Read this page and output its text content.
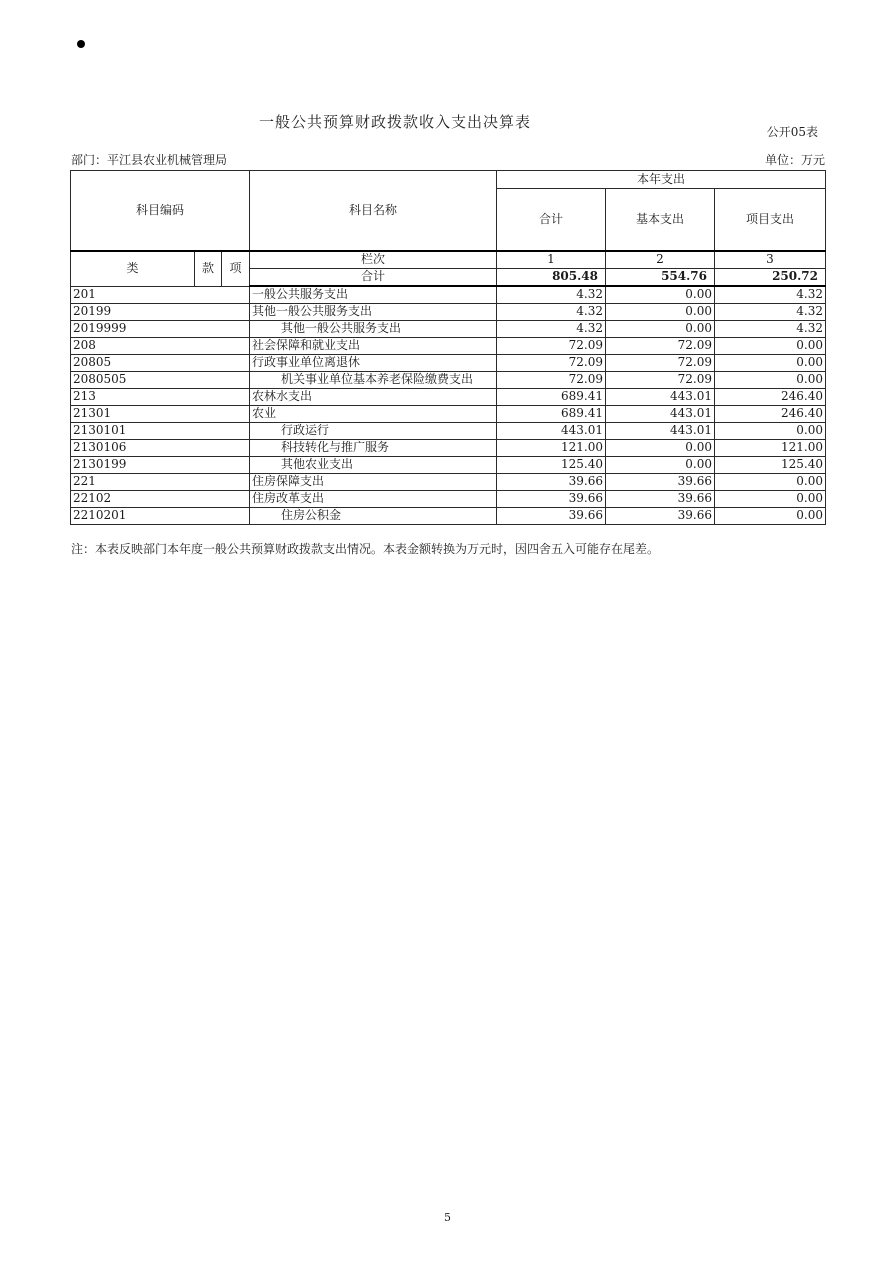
一般公共预算财政拨款收入支出决算表
公开05表
部门：平江县农业机械管理局	单位：万元
科目编码			科目名称	本年支出		
				合计	基本支出	项目支出
类	款	项	栏次	1	2	3
			合计	805.48	554.76	250.72
201			一般公共服务支出	4.32	0.00	4.32
20199			其他一般公共服务支出	4.32	0.00	4.32
2019999			其他一般公共服务支出	4.32	0.00	4.32
208			社会保障和就业支出	72.09	72.09	0.00
20805			行政事业单位离退休	72.09	72.09	0.00
2080505			机关事业单位基本养老保险缴费支出	72.09	72.09	0.00
213			农林水支出	689.41	443.01	246.40
21301			农业	689.41	443.01	246.40
2130101			行政运行	443.01	443.01	0.00
2130106			科技转化与推广服务	121.00	0.00	121.00
2130199			其他农业支出	125.40	0.00	125.40
221			住房保障支出	39.66	39.66	0.00
22102			住房改革支出	39.66	39.66	0.00
2210201			住房公积金	39.66	39.66	0.00
注：本表反映部门本年度一般公共预算财政拨款支出情况。本表金额转换为万元时，因四舍五入可能存在尾差。
5
